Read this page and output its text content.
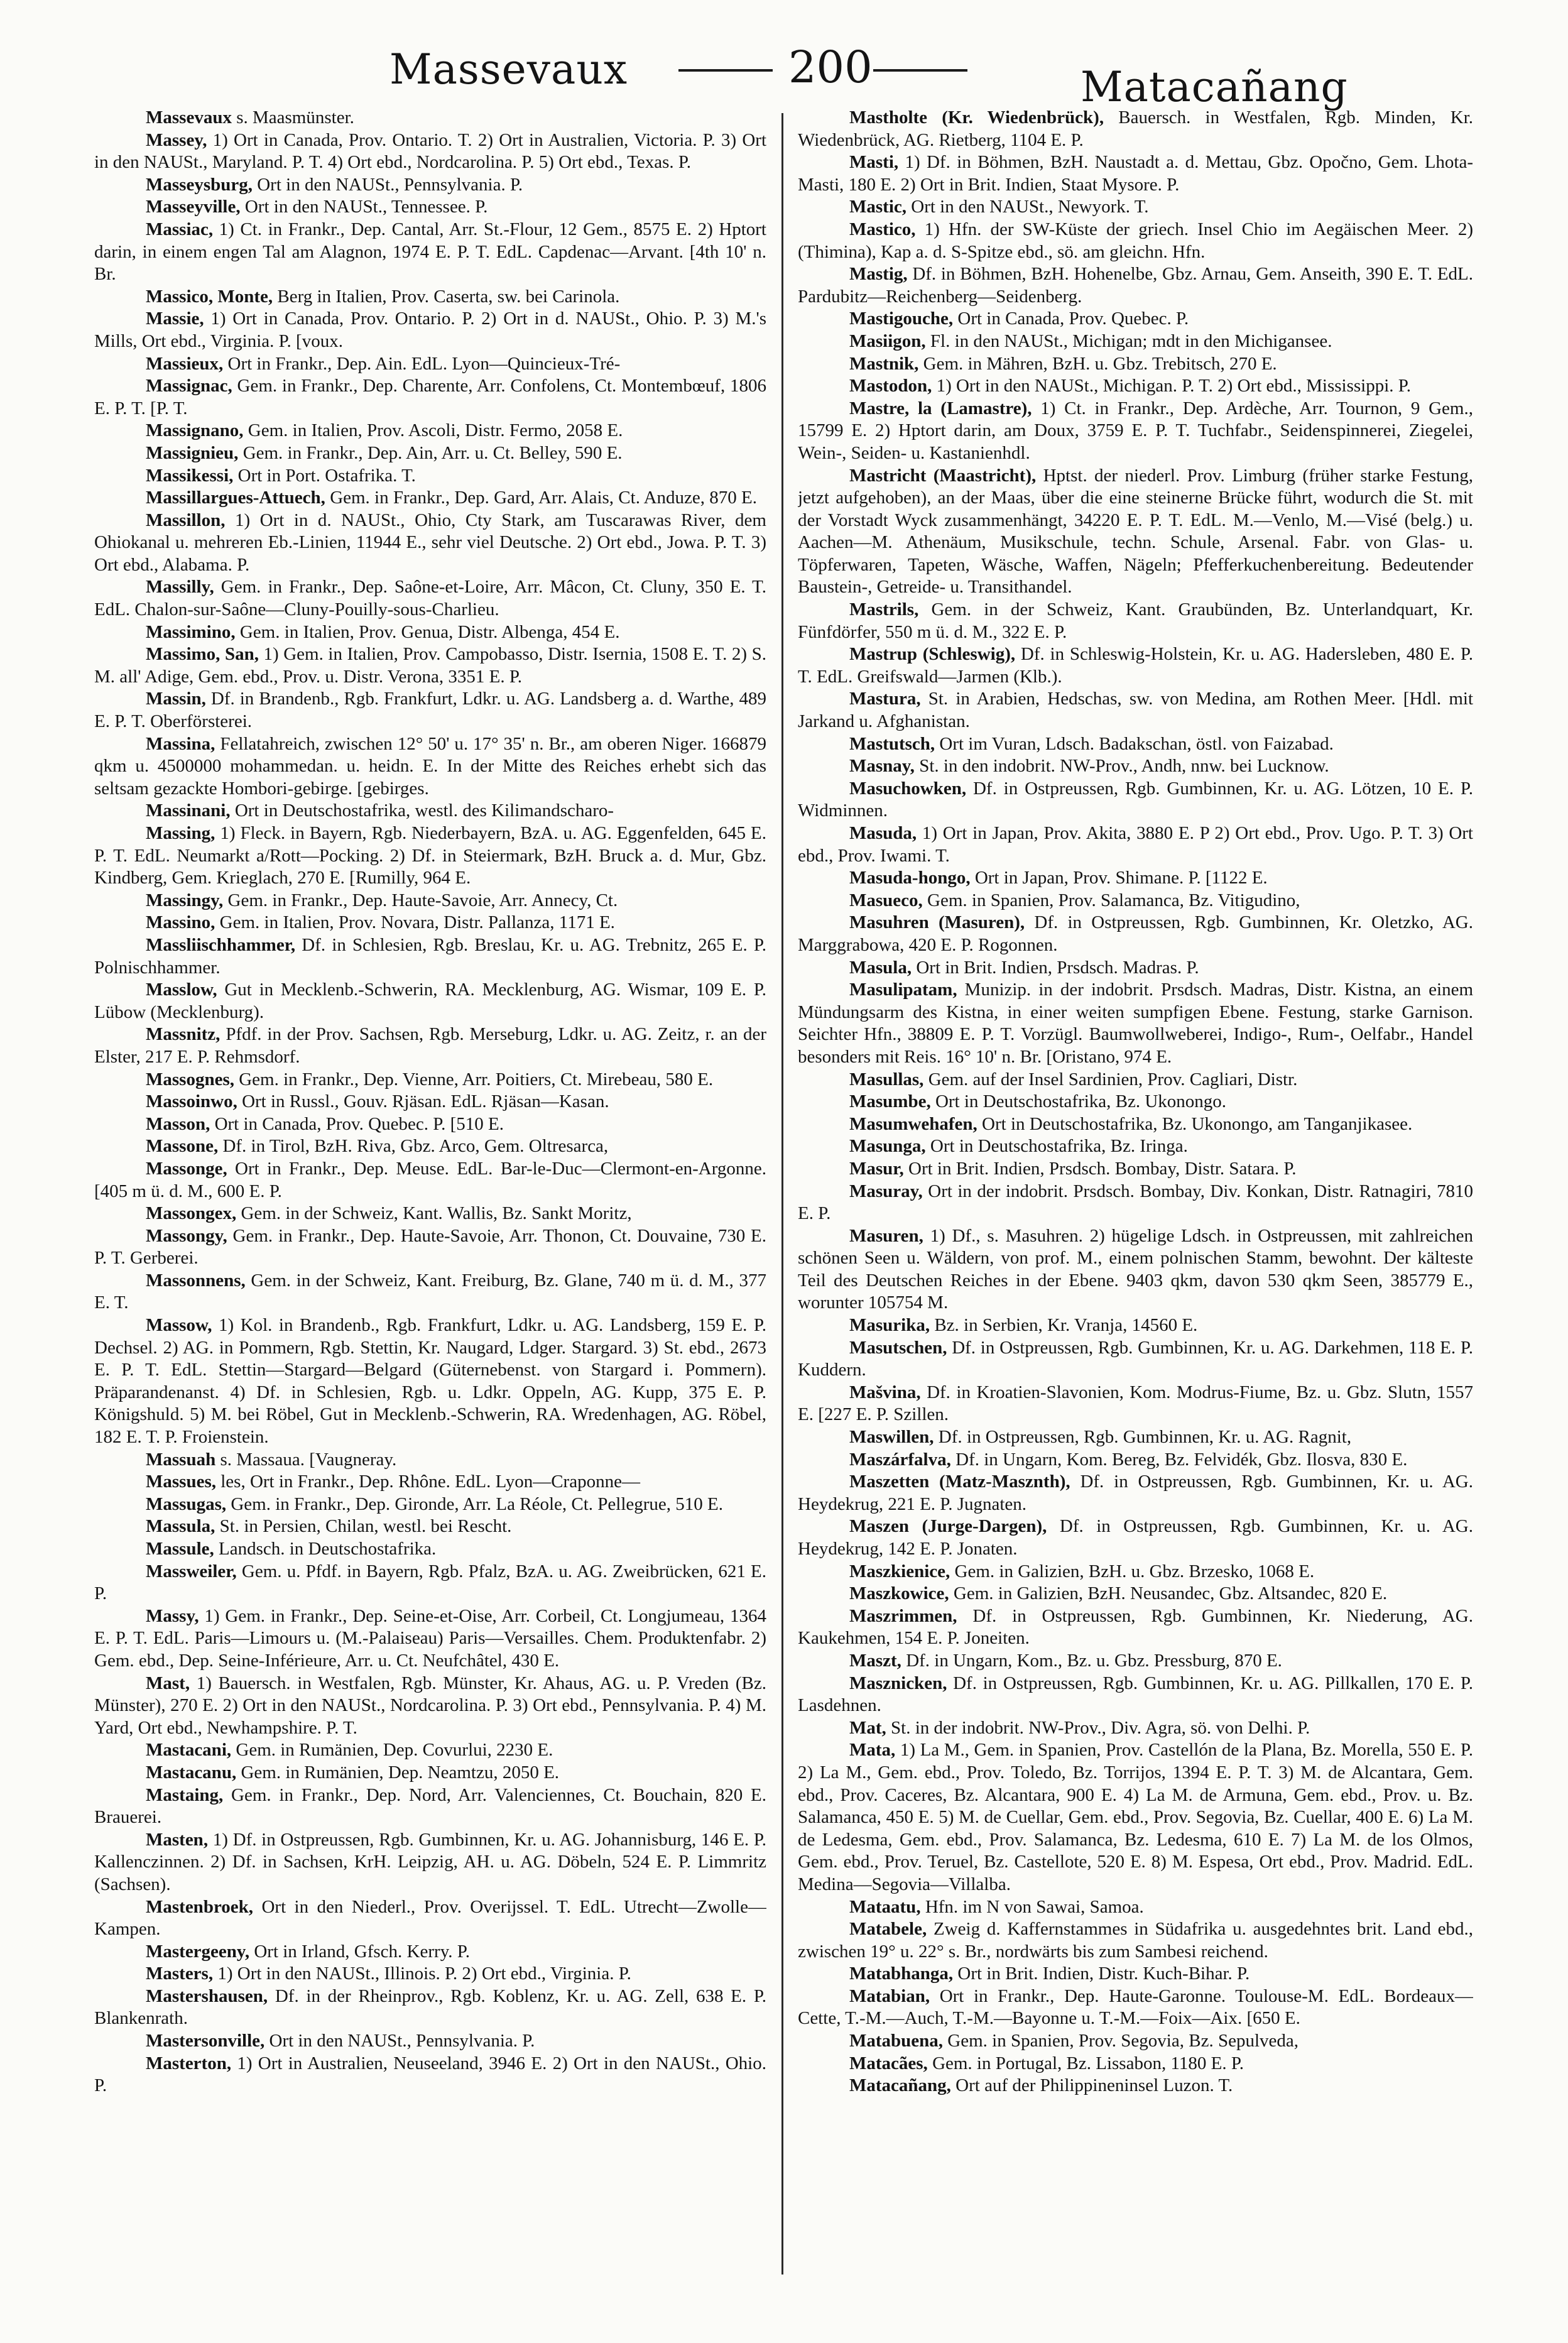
Massevaux	200	Matacañang

Massevaux s. Maasmünster.

Massey, 1) Ort in Canada, Prov. Ontario. T. 2) Ort in Australien, Victoria. P. 3) Ort in den NAUSt., Maryland. P. T. 4) Ort ebd., Nordcarolina. P. 5) Ort ebd., Texas. P.

Masseysburg, Ort in den NAUSt., Pennsylvania. P.

Masseyville, Ort in den NAUSt., Tennessee. P.

Massiac, 1) Ct. in Frankr., Dep. Cantal, Arr. St.-Flour, 12 Gem., 8575 E. 2) Hptort darin, in einem engen Tal am Alagnon, 1974 E. P. T. EdL. Capdenac—Arvant. [4th 10' n. Br.

Massico, Monte, Berg in Italien, Prov. Caserta, sw. bei Carinola.

Massie, 1) Ort in Canada, Prov. Ontario. P. 2) Ort in d. NAUSt., Ohio. P. 3) M.'s Mills, Ort ebd., Virginia. P. [voux.

Massieux, Ort in Frankr., Dep. Ain. EdL. Lyon—Quincieux-Tré-

Massignac, Gem. in Frankr., Dep. Charente, Arr. Confolens, Ct. Montembœuf, 1806 E. P. T. [P. T.

Massignano, Gem. in Italien, Prov. Ascoli, Distr. Fermo, 2058 E.

Massignieu, Gem. in Frankr., Dep. Ain, Arr. u. Ct. Belley, 590 E.

Massikessi, Ort in Port. Ostafrika. T.

Massillargues-Attuech, Gem. in Frankr., Dep. Gard, Arr. Alais, Ct. Anduze, 870 E.

Massillon, 1) Ort in d. NAUSt., Ohio, Cty Stark, am Tuscarawas River, dem Ohiokanal u. mehreren Eb.-Linien, 11944 E., sehr viel Deutsche. 2) Ort ebd., Jowa. P. T. 3) Ort ebd., Alabama. P.

Massilly, Gem. in Frankr., Dep. Saône-et-Loire, Arr. Mâcon, Ct. Cluny, 350 E. T. EdL. Chalon-sur-Saône—Cluny-Pouilly-sous-Charlieu.

Massimino, Gem. in Italien, Prov. Genua, Distr. Albenga, 454 E.

Massimo, San, 1) Gem. in Italien, Prov. Campobasso, Distr. Isernia, 1508 E. T. 2) S. M. all' Adige, Gem. ebd., Prov. u. Distr. Verona, 3351 E. P.

Massin, Df. in Brandenb., Rgb. Frankfurt, Ldkr. u. AG. Landsberg a. d. Warthe, 489 E. P. T. Oberförsterei.

Massina, Fellatahreich, zwischen 12° 50' u. 17° 35' n. Br., am oberen Niger. 166879 qkm u. 4500000 mohammedan. u. heidn. E. In der Mitte des Reiches erhebt sich das seltsam gezackte Hombori-gebirge. [gebirges.

Massinani, Ort in Deutschostafrika, westl. des Kilimandscharo-

Massing, 1) Fleck. in Bayern, Rgb. Niederbayern, BzA. u. AG. Eggenfelden, 645 E. P. T. EdL. Neumarkt a/Rott—Pocking. 2) Df. in Steiermark, BzH. Bruck a. d. Mur, Gbz. Kindberg, Gem. Krieglach, 270 E. [Rumilly, 964 E.

Massingy, Gem. in Frankr., Dep. Haute-Savoie, Arr. Annecy, Ct.

Massino, Gem. in Italien, Prov. Novara, Distr. Pallanza, 1171 E.

Massliischhammer, Df. in Schlesien, Rgb. Breslau, Kr. u. AG. Trebnitz, 265 E. P. Polnischhammer.

Masslow, Gut in Mecklenb.-Schwerin, RA. Mecklenburg, AG. Wismar, 109 E. P. Lübow (Mecklenburg).

Massnitz, Pfdf. in der Prov. Sachsen, Rgb. Merseburg, Ldkr. u. AG. Zeitz, r. an der Elster, 217 E. P. Rehmsdorf.

Massognes, Gem. in Frankr., Dep. Vienne, Arr. Poitiers, Ct. Mirebeau, 580 E.

Massoinwo, Ort in Russl., Gouv. Rjäsan. EdL. Rjäsan—Kasan.

Masson, Ort in Canada, Prov. Quebec. P. [510 E.

Massone, Df. in Tirol, BzH. Riva, Gbz. Arco, Gem. Oltresarca,

Massonge, Ort in Frankr., Dep. Meuse. EdL. Bar-le-Duc—Clermont-en-Argonne. [405 m ü. d. M., 600 E. P.

Massongex, Gem. in der Schweiz, Kant. Wallis, Bz. Sankt Moritz,

Massongy, Gem. in Frankr., Dep. Haute-Savoie, Arr. Thonon, Ct. Douvaine, 730 E. P. T. Gerberei.

Massonnens, Gem. in der Schweiz, Kant. Freiburg, Bz. Glane, 740 m ü. d. M., 377 E. T.

Massow, 1) Kol. in Brandenb., Rgb. Frankfurt, Ldkr. u. AG. Landsberg, 159 E. P. Dechsel. 2) AG. in Pommern, Rgb. Stettin, Kr. Naugard, Ldger. Stargard. 3) St. ebd., 2673 E. P. T. EdL. Stettin—Stargard—Belgard (Güternebenst. von Stargard i. Pommern). Präparandenanst. 4) Df. in Schlesien, Rgb. u. Ldkr. Oppeln, AG. Kupp, 375 E. P. Königshuld. 5) M. bei Röbel, Gut in Mecklenb.-Schwerin, RA. Wredenhagen, AG. Röbel, 182 E. T. P. Froienstein.

Massuah s. Massaua. [Vaugneray.

Massues, les, Ort in Frankr., Dep. Rhône. EdL. Lyon—Craponne—

Massugas, Gem. in Frankr., Dep. Gironde, Arr. La Réole, Ct. Pellegrue, 510 E.

Massula, St. in Persien, Chilan, westl. bei Rescht.

Massule, Landsch. in Deutschostafrika.

Massweiler, Gem. u. Pfdf. in Bayern, Rgb. Pfalz, BzA. u. AG. Zweibrücken, 621 E. P.

Massy, 1) Gem. in Frankr., Dep. Seine-et-Oise, Arr. Corbeil, Ct. Longjumeau, 1364 E. P. T. EdL. Paris—Limours u. (M.-Palaiseau) Paris—Versailles. Chem. Produktenfabr. 2) Gem. ebd., Dep. Seine-Inférieure, Arr. u. Ct. Neufchâtel, 430 E.

Mast, 1) Bauersch. in Westfalen, Rgb. Münster, Kr. Ahaus, AG. u. P. Vreden (Bz. Münster), 270 E. 2) Ort in den NAUSt., Nordcarolina. P. 3) Ort ebd., Pennsylvania. P. 4) M. Yard, Ort ebd., Newhampshire. P. T.

Mastacani, Gem. in Rumänien, Dep. Covurlui, 2230 E.

Mastacanu, Gem. in Rumänien, Dep. Neamtzu, 2050 E.

Mastaing, Gem. in Frankr., Dep. Nord, Arr. Valenciennes, Ct. Bouchain, 820 E. Brauerei.

Masten, 1) Df. in Ostpreussen, Rgb. Gumbinnen, Kr. u. AG. Johannisburg, 146 E. P. Kallenczinnen. 2) Df. in Sachsen, KrH. Leipzig, AH. u. AG. Döbeln, 524 E. P. Limmritz (Sachsen).

Mastenbroek, Ort in den Niederl., Prov. Overijssel. T. EdL. Utrecht—Zwolle—Kampen.

Mastergeeny, Ort in Irland, Gfsch. Kerry. P.

Masters, 1) Ort in den NAUSt., Illinois. P. 2) Ort ebd., Virginia. P.

Mastershausen, Df. in der Rheinprov., Rgb. Koblenz, Kr. u. AG. Zell, 638 E. P. Blankenrath.

Mastersonville, Ort in den NAUSt., Pennsylvania. P.

Masterton, 1) Ort in Australien, Neuseeland, 3946 E. 2) Ort in den NAUSt., Ohio. P.

Mastholte (Kr. Wiedenbrück), Bauersch. in Westfalen, Rgb. Minden, Kr. Wiedenbrück, AG. Rietberg, 1104 E. P.

Masti, 1) Df. in Böhmen, BzH. Naustadt a. d. Mettau, Gbz. Opočno, Gem. Lhota-Masti, 180 E. 2) Ort in Brit. Indien, Staat Mysore. P.

Mastic, Ort in den NAUSt., Newyork. T.

Mastico, 1) Hfn. der SW-Küste der griech. Insel Chio im Aegäischen Meer. 2) (Thimina), Kap a. d. S-Spitze ebd., sö. am gleichn. Hfn.

Mastig, Df. in Böhmen, BzH. Hohenelbe, Gbz. Arnau, Gem. Anseith, 390 E. T. EdL. Pardubitz—Reichenberg—Seidenberg.

Mastigouche, Ort in Canada, Prov. Quebec. P.

Masiigon, Fl. in den NAUSt., Michigan; mdt in den Michigansee.

Mastnik, Gem. in Mähren, BzH. u. Gbz. Trebitsch, 270 E.

Mastodon, 1) Ort in den NAUSt., Michigan. P. T. 2) Ort ebd., Mississippi. P.

Mastre, la (Lamastre), 1) Ct. in Frankr., Dep. Ardèche, Arr. Tournon, 9 Gem., 15799 E. 2) Hptort darin, am Doux, 3759 E. P. T. Tuchfabr., Seidenspinnerei, Ziegelei, Wein-, Seiden- u. Kastanienhdl.

Mastricht (Maastricht), Hptst. der niederl. Prov. Limburg (früher starke Festung, jetzt aufgehoben), an der Maas, über die eine steinerne Brücke führt, wodurch die St. mit der Vorstadt Wyck zusammenhängt, 34220 E. P. T. EdL. M.—Venlo, M.—Visé (belg.) u. Aachen—M. Athenäum, Musikschule, techn. Schule, Arsenal. Fabr. von Glas- u. Töpferwaren, Tapeten, Wäsche, Waffen, Nägeln; Pfefferkuchenbereitung. Bedeutender Baustein-, Getreide- u. Transithandel.

Mastrils, Gem. in der Schweiz, Kant. Graubünden, Bz. Unterlandquart, Kr. Fünfdörfer, 550 m ü. d. M., 322 E. P.

Mastrup (Schleswig), Df. in Schleswig-Holstein, Kr. u. AG. Hadersleben, 480 E. P. T. EdL. Greifswald—Jarmen (Klb.).

Mastura, St. in Arabien, Hedschas, sw. von Medina, am Rothen Meer. [Hdl. mit Jarkand u. Afghanistan.

Mastutsch, Ort im Vuran, Ldsch. Badakschan, östl. von Faizabad.

Masnay, St. in den indobrit. NW-Prov., Andh, nnw. bei Lucknow.

Masuchowken, Df. in Ostpreussen, Rgb. Gumbinnen, Kr. u. AG. Lötzen, 10 E. P. Widminnen.

Masuda, 1) Ort in Japan, Prov. Akita, 3880 E. P 2) Ort ebd., Prov. Ugo. P. T. 3) Ort ebd., Prov. Iwami. T.

Masuda-hongo, Ort in Japan, Prov. Shimane. P. [1122 E.

Masueco, Gem. in Spanien, Prov. Salamanca, Bz. Vitigudino,

Masuhren (Masuren), Df. in Ostpreussen, Rgb. Gumbinnen, Kr. Oletzko, AG. Marggrabowa, 420 E. P. Rogonnen.

Masula, Ort in Brit. Indien, Prsdsch. Madras. P.

Masulipatam, Munizip. in der indobrit. Prsdsch. Madras, Distr. Kistna, an einem Mündungsarm des Kistna, in einer weiten sumpfigen Ebene. Festung, starke Garnison. Seichter Hfn., 38809 E. P. T. Vorzügl. Baumwollweberei, Indigo-, Rum-, Oelfabr., Handel besonders mit Reis. 16° 10' n. Br. [Oristano, 974 E.

Masullas, Gem. auf der Insel Sardinien, Prov. Cagliari, Distr.

Masumbe, Ort in Deutschostafrika, Bz. Ukonongo.

Masumwehafen, Ort in Deutschostafrika, Bz. Ukonongo, am Tanganjikasee.

Masunga, Ort in Deutschostafrika, Bz. Iringa.

Masur, Ort in Brit. Indien, Prsdsch. Bombay, Distr. Satara. P.

Masuray, Ort in der indobrit. Prsdsch. Bombay, Div. Konkan, Distr. Ratnagiri, 7810 E. P.

Masuren, 1) Df., s. Masuhren. 2) hügelige Ldsch. in Ostpreussen, mit zahlreichen schönen Seen u. Wäldern, von prof. M., einem polnischen Stamm, bewohnt. Der kälteste Teil des Deutschen Reiches in der Ebene. 9403 qkm, davon 530 qkm Seen, 385779 E., worunter 105754 M.

Masurika, Bz. in Serbien, Kr. Vranja, 14560 E.

Masutschen, Df. in Ostpreussen, Rgb. Gumbinnen, Kr. u. AG. Darkehmen, 118 E. P. Kuddern.

Mašvina, Df. in Kroatien-Slavonien, Kom. Modrus-Fiume, Bz. u. Gbz. Slutn, 1557 E. [227 E. P. Szillen.

Maswillen, Df. in Ostpreussen, Rgb. Gumbinnen, Kr. u. AG. Ragnit,

Maszárfalva, Df. in Ungarn, Kom. Bereg, Bz. Felvidék, Gbz. Ilosva, 830 E.

Maszetten (Matz-Masznth), Df. in Ostpreussen, Rgb. Gumbinnen, Kr. u. AG. Heydekrug, 221 E. P. Jugnaten.

Maszen (Jurge-Dargen), Df. in Ostpreussen, Rgb. Gumbinnen, Kr. u. AG. Heydekrug, 142 E. P. Jonaten.

Maszkienice, Gem. in Galizien, BzH. u. Gbz. Brzesko, 1068 E.

Maszkowice, Gem. in Galizien, BzH. Neusandec, Gbz. Altsandec, 820 E.

Maszrimmen, Df. in Ostpreussen, Rgb. Gumbinnen, Kr. Niederung, AG. Kaukehmen, 154 E. P. Joneiten.

Maszt, Df. in Ungarn, Kom., Bz. u. Gbz. Pressburg, 870 E.

Masznicken, Df. in Ostpreussen, Rgb. Gumbinnen, Kr. u. AG. Pillkallen, 170 E. P. Lasdehnen.

Mat, St. in der indobrit. NW-Prov., Div. Agra, sö. von Delhi. P.

Mata, 1) La M., Gem. in Spanien, Prov. Castellón de la Plana, Bz. Morella, 550 E. P. 2) La M., Gem. ebd., Prov. Toledo, Bz. Torrijos, 1394 E. P. T. 3) M. de Alcantara, Gem. ebd., Prov. Caceres, Bz. Alcantara, 900 E. 4) La M. de Armuna, Gem. ebd., Prov. u. Bz. Salamanca, 450 E. 5) M. de Cuellar, Gem. ebd., Prov. Segovia, Bz. Cuellar, 400 E. 6) La M. de Ledesma, Gem. ebd., Prov. Salamanca, Bz. Ledesma, 610 E. 7) La M. de los Olmos, Gem. ebd., Prov. Teruel, Bz. Castellote, 520 E. 8) M. Espesa, Ort ebd., Prov. Madrid. EdL. Medina—Segovia—Villalba.

Mataatu, Hfn. im N von Sawai, Samoa.

Matabele, Zweig d. Kaffernstammes in Südafrika u. ausgedehntes brit. Land ebd., zwischen 19° u. 22° s. Br., nordwärts bis zum Sambesi reichend.

Matabhanga, Ort in Brit. Indien, Distr. Kuch-Bihar. P.

Matabian, Ort in Frankr., Dep. Haute-Garonne. Toulouse-M. EdL. Bordeaux—Cette, T.-M.—Auch, T.-M.—Bayonne u. T.-M.—Foix—Aix. [650 E.

Matabuena, Gem. in Spanien, Prov. Segovia, Bz. Sepulveda,

Matacães, Gem. in Portugal, Bz. Lissabon, 1180 E. P.

Matacañang, Ort auf der Philippineninsel Luzon. T.
